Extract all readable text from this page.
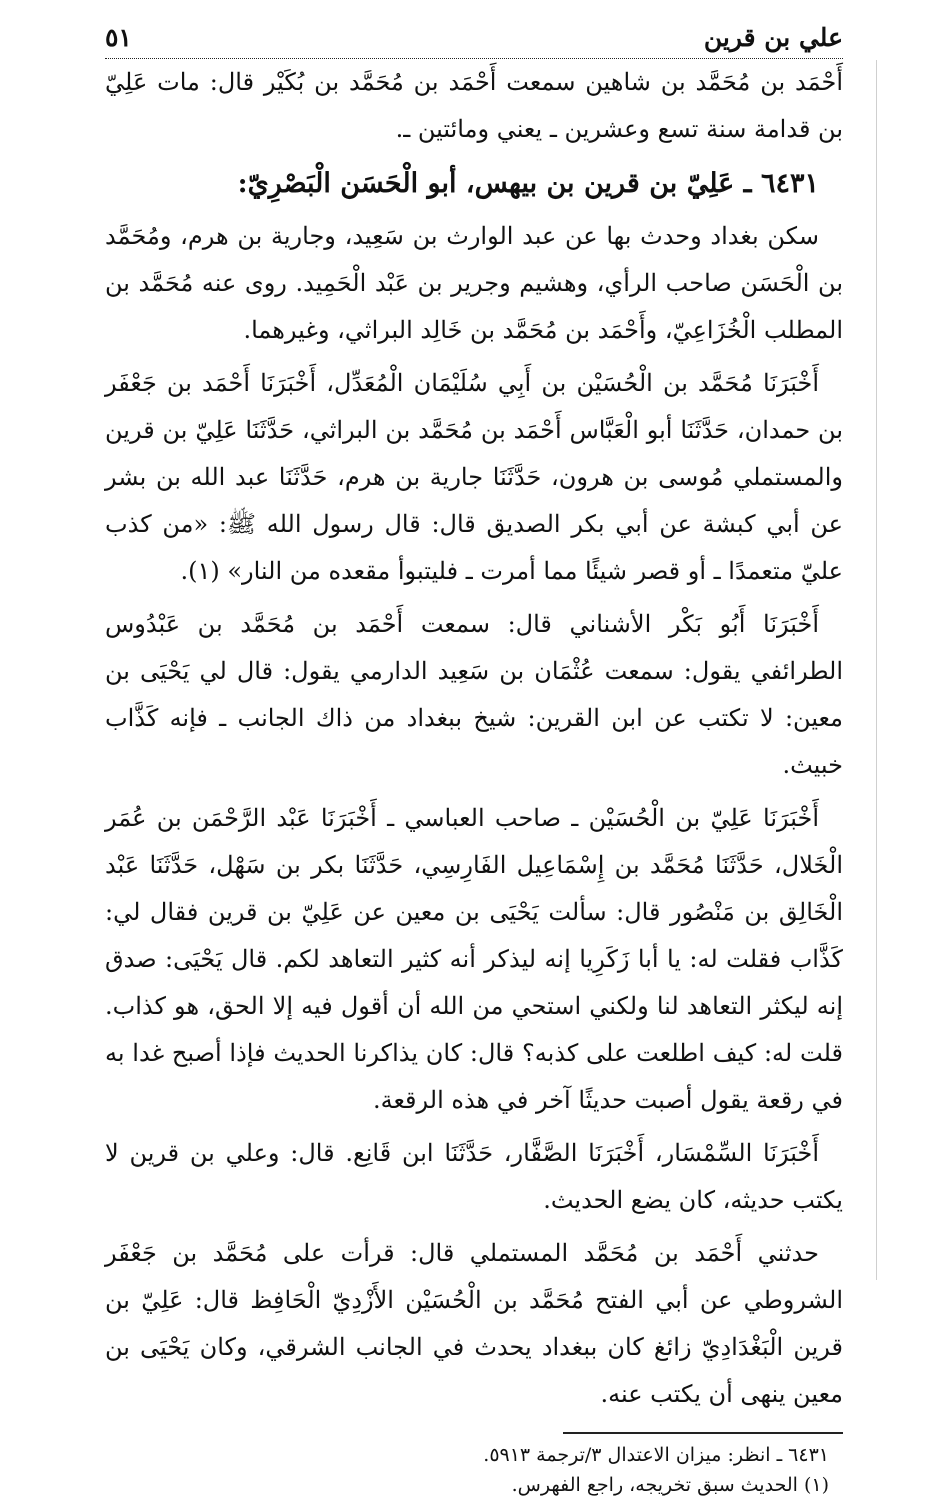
علي بن قرين
٥١

أَحْمَد بن مُحَمَّد بن شاهين سمعت أَحْمَد بن مُحَمَّد بن بُكَيْر قال: مات عَلِيّ بن قدامة سنة تسع وعشرين ـ يعني ومائتين ـ.

٦٤٣١ ـ عَلِيّ بن قرين بن بيهس، أبو الْحَسَن الْبَصْرِيّ:

سكن بغداد وحدث بها عن عبد الوارث بن سَعِيد، وجارية بن هرم، ومُحَمَّد بن الْحَسَن صاحب الرأي، وهشيم وجرير بن عَبْد الْحَمِيد. روى عنه مُحَمَّد بن المطلب الْخُزَاعِيّ، وأَحْمَد بن مُحَمَّد بن خَالِد البراثي، وغيرهما.

أَخْبَرَنَا مُحَمَّد بن الْحُسَيْن بن أَبِي سُلَيْمَان الْمُعَدِّل، أَخْبَرَنَا أَحْمَد بن جَعْفَر بن حمدان، حَدَّثَنَا أبو الْعَبَّاس أَحْمَد بن مُحَمَّد بن البراثي، حَدَّثَنَا عَلِيّ بن قرين والمستملي مُوسى بن هرون، حَدَّثَنَا جارية بن هرم، حَدَّثَنَا عبد الله بن بشر عن أبي كبشة عن أبي بكر الصديق قال: قال رسول الله ﷺ: «من كذب عليّ متعمدًا ـ أو قصر شيئًا مما أمرت ـ فليتبوأ مقعده من النار» (١).

أَخْبَرَنَا أَبُو بَكْر الأشناني قال: سمعت أَحْمَد بن مُحَمَّد بن عَبْدُوس الطرائفي يقول: سمعت عُثْمَان بن سَعِيد الدارمي يقول: قال لي يَحْيَى بن معين: لا تكتب عن ابن القرين: شيخ ببغداد من ذاك الجانب ـ فإنه كَذَّاب خبيث.

أَخْبَرَنَا عَلِيّ بن الْحُسَيْن ـ صاحب العباسي ـ أَخْبَرَنَا عَبْد الرَّحْمَن بن عُمَر الْخَلال، حَدَّثَنَا مُحَمَّد بن إِسْمَاعِيل الفَارِسِي، حَدَّثَنَا بكر بن سَهْل، حَدَّثَنَا عَبْد الْخَالِق بن مَنْصُور قال: سألت يَحْيَى بن معين عن عَلِيّ بن قرين فقال لي: كَذَّاب فقلت له: يا أبا زَكَرِيا إنه ليذكر أنه كثير التعاهد لكم. قال يَحْيَى: صدق إنه ليكثر التعاهد لنا ولكني استحي من الله أن أقول فيه إلا الحق، هو كذاب. قلت له: كيف اطلعت على كذبه؟ قال: كان يذاكرنا الحديث فإذا أصبح غدا به في رقعة يقول أصبت حديثًا آخر في هذه الرقعة.

أَخْبَرَنَا السِّمْسَار، أَخْبَرَنَا الصَّفَّار، حَدَّثَنَا ابن قَانِع. قال: وعلي بن قرين لا يكتب حديثه، كان يضع الحديث.

حدثني أَحْمَد بن مُحَمَّد المستملي قال: قرأت على مُحَمَّد بن جَعْفَر الشروطي عن أبي الفتح مُحَمَّد بن الْحُسَيْن الأَزْدِيّ الْحَافِظ قال: عَلِيّ بن قرين الْبَغْدَادِيّ زائغ كان ببغداد يحدث في الجانب الشرقي، وكان يَحْيَى بن معين ينهى أن يكتب عنه.

٦٤٣١ ـ انظر: ميزان الاعتدال ٣/ترجمة ٥٩١٣.

(١) الحديث سبق تخريجه، راجع الفهرس.
